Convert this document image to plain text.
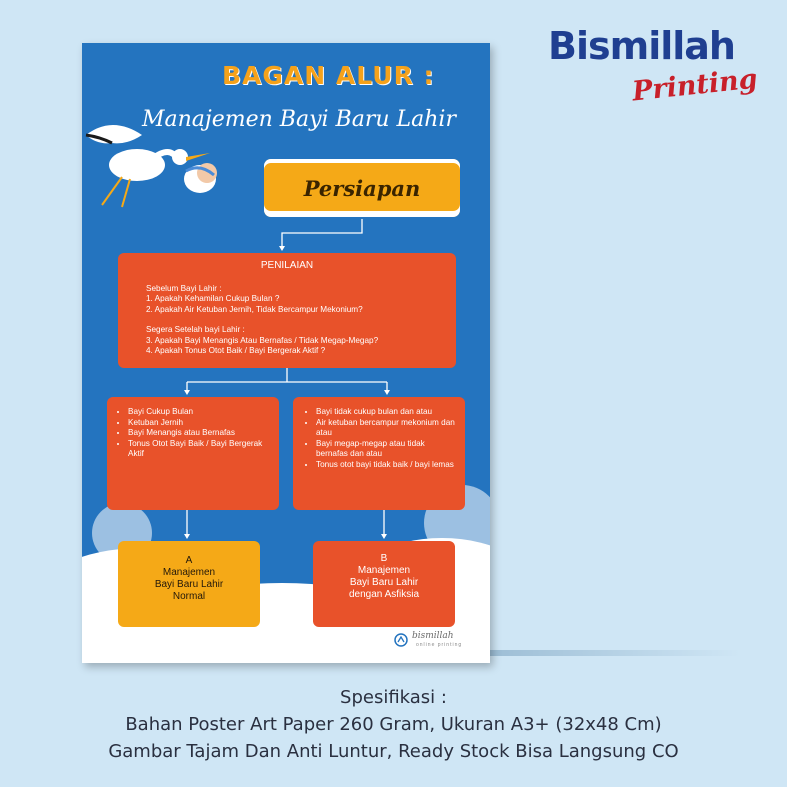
Bismillah
Printing
BAGAN ALUR :
Manajemen Bayi Baru Lahir
Persiapan
PENILAIAN
Sebelum Bayi Lahir :
1. Apakah Kehamilan Cukup Bulan ?
2. Apakah Air Ketuban Jernih, Tidak Bercampur Mekonium?
Segera Setelah bayi Lahir :
3. Apakah Bayi Menangis Atau Bernafas / Tidak Megap-Megap?
4. Apakah Tonus Otot Baik / Bayi Bergerak Aktif ?
• Bayi Cukup Bulan
• Ketuban Jernih
• Bayi Menangis atau Bernafas
• Tonus Otot Bayi Baik / Bayi Bergerak Aktif
• Bayi tidak cukup bulan dan atau
• Air ketuban bercampur mekonium dan atau
• Bayi megap-megap atau tidak bernafas dan atau
• Tonus otot bayi tidak baik / bayi lemas
A
Manajemen
Bayi Baru Lahir
Normal
B
Manajemen
Bayi Baru Lahir
dengan Asfiksia
bismillah
online printing
Spesifikasi :
Bahan Poster Art Paper 260 Gram, Ukuran A3+ (32x48 Cm)
Gambar Tajam Dan Anti Luntur, Ready Stock Bisa Langsung CO
